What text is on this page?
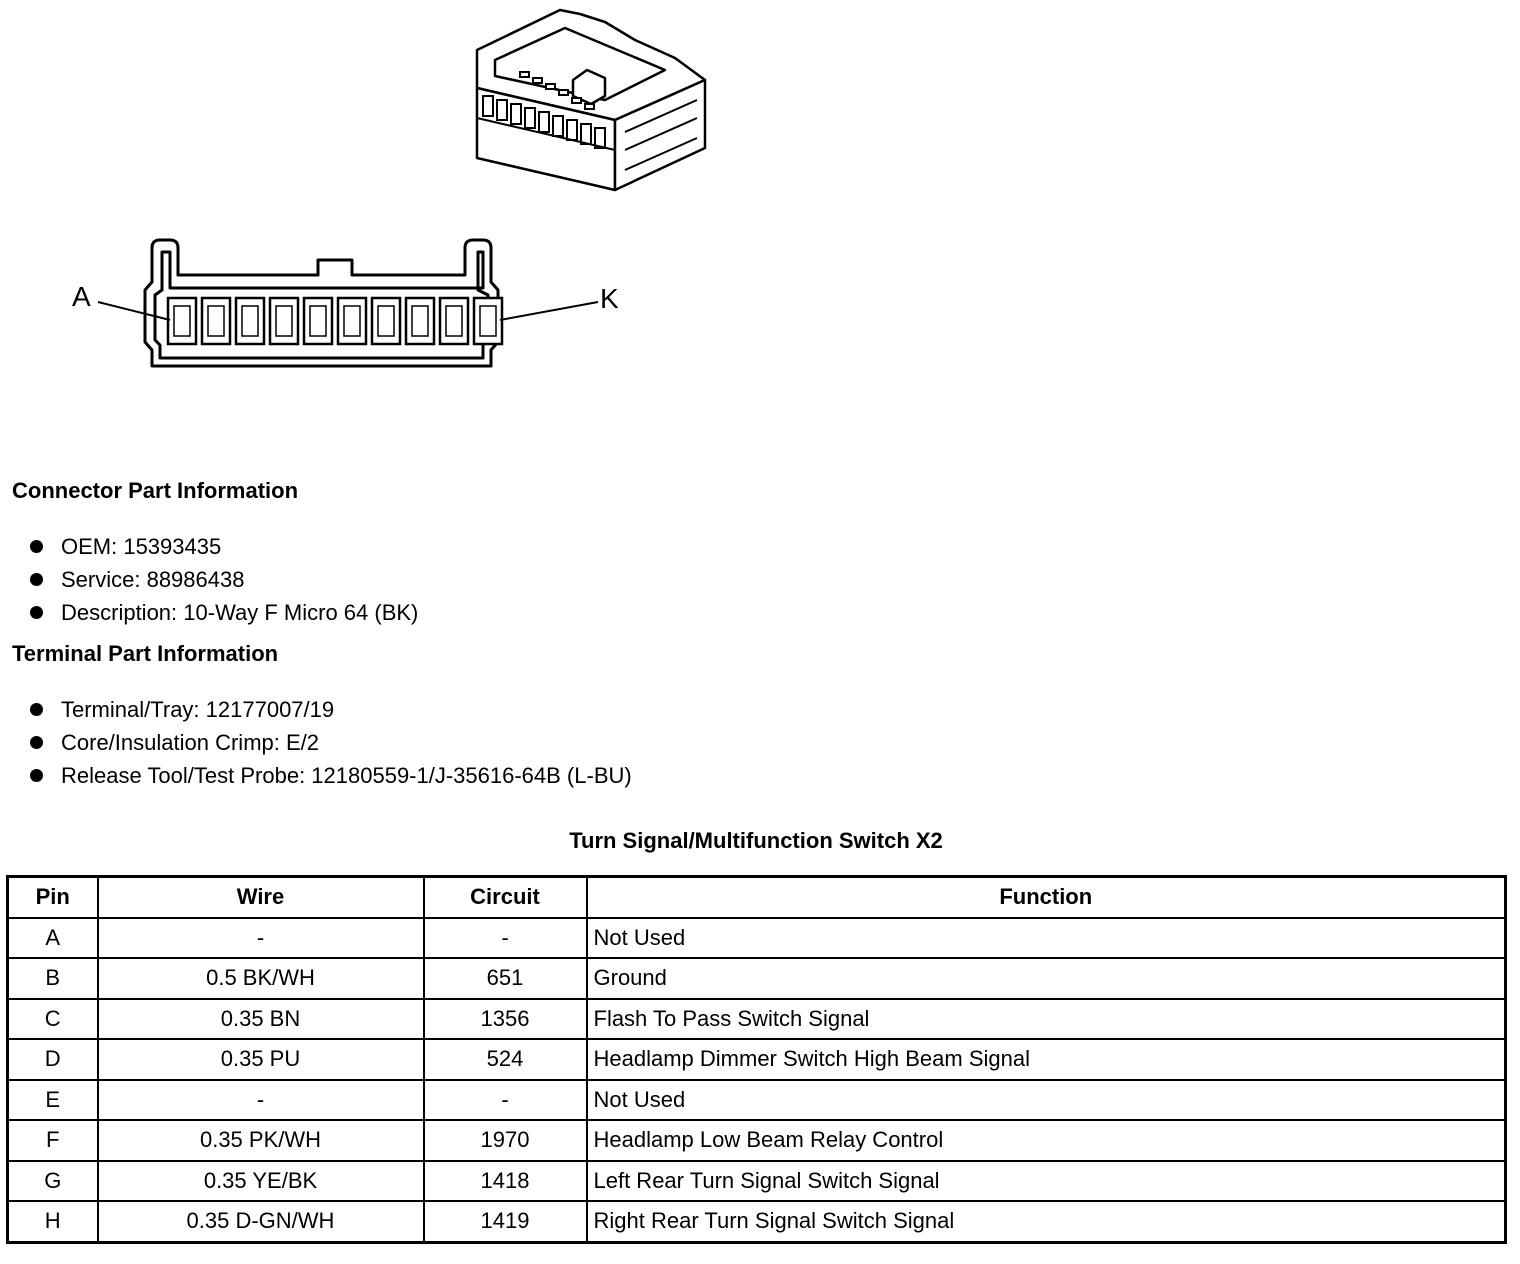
A	K
Connector Part Information
OEM: 15393435
Service: 88986438
Description: 10-Way F Micro 64 (BK)
Terminal Part Information
Terminal/Tray: 12177007/19
Core/Insulation Crimp: E/2
Release Tool/Test Probe: 12180559-1/J-35616-64B (L-BU)
Turn Signal/Multifunction Switch X2
Pin	Wire	Circuit	Function
A	-	-	Not Used
B	0.5 BK/WH	651	Ground
C	0.35 BN	1356	Flash To Pass Switch Signal
D	0.35 PU	524	Headlamp Dimmer Switch High Beam Signal
E	-	-	Not Used
F	0.35 PK/WH	1970	Headlamp Low Beam Relay Control
G	0.35 YE/BK	1418	Left Rear Turn Signal Switch Signal
H	0.35 D-GN/WH	1419	Right Rear Turn Signal Switch Signal
